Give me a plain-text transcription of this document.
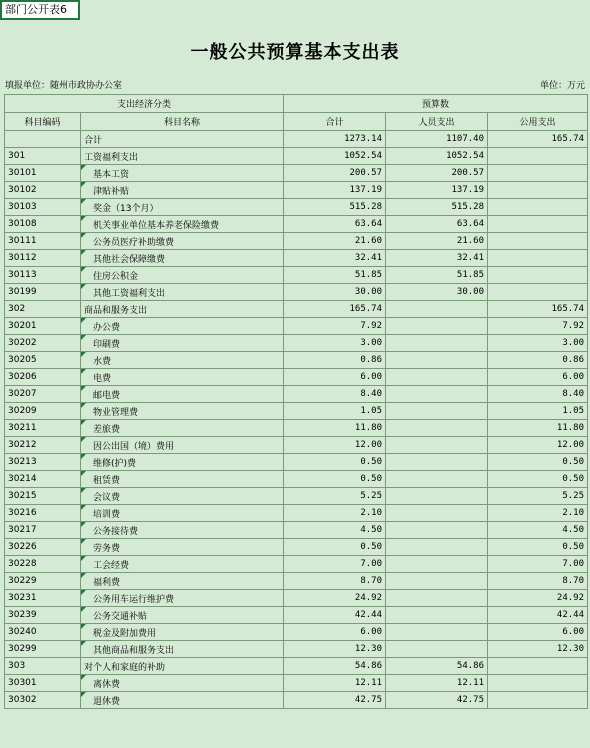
部门公开表6
一般公共预算基本支出表
填报单位：随州市政协办公室	单位：万元
支出经济分类		预算数		
科目编码	科目名称	合计	人员支出	公用支出
	合计	1273.14	1107.40	165.74
301	工资福利支出	1052.54	1052.54	
30101	基本工资	200.57	200.57	
30102	津贴补贴	137.19	137.19	
30103	奖金（13个月）	515.28	515.28	
30108	机关事业单位基本养老保险缴费	63.64	63.64	
30111	公务员医疗补助缴费	21.60	21.60	
30112	其他社会保障缴费	32.41	32.41	
30113	住房公积金	51.85	51.85	
30199	其他工资福利支出	30.00	30.00	
302	商品和服务支出	165.74		165.74
30201	办公费	7.92		7.92
30202	印刷费	3.00		3.00
30205	水费	0.86		0.86
30206	电费	6.00		6.00
30207	邮电费	8.40		8.40
30209	物业管理费	1.05		1.05
30211	差旅费	11.80		11.80
30212	因公出国（境）费用	12.00		12.00
30213	维修(护)费	0.50		0.50
30214	租赁费	0.50		0.50
30215	会议费	5.25		5.25
30216	培训费	2.10		2.10
30217	公务接待费	4.50		4.50
30226	劳务费	0.50		0.50
30228	工会经费	7.00		7.00
30229	福利费	8.70		8.70
30231	公务用车运行维护费	24.92		24.92
30239	公务交通补贴	42.44		42.44
30240	税金及附加费用	6.00		6.00
30299	其他商品和服务支出	12.30		12.30
303	对个人和家庭的补助	54.86	54.86	
30301	离休费	12.11	12.11	
30302	退休费	42.75	42.75	
